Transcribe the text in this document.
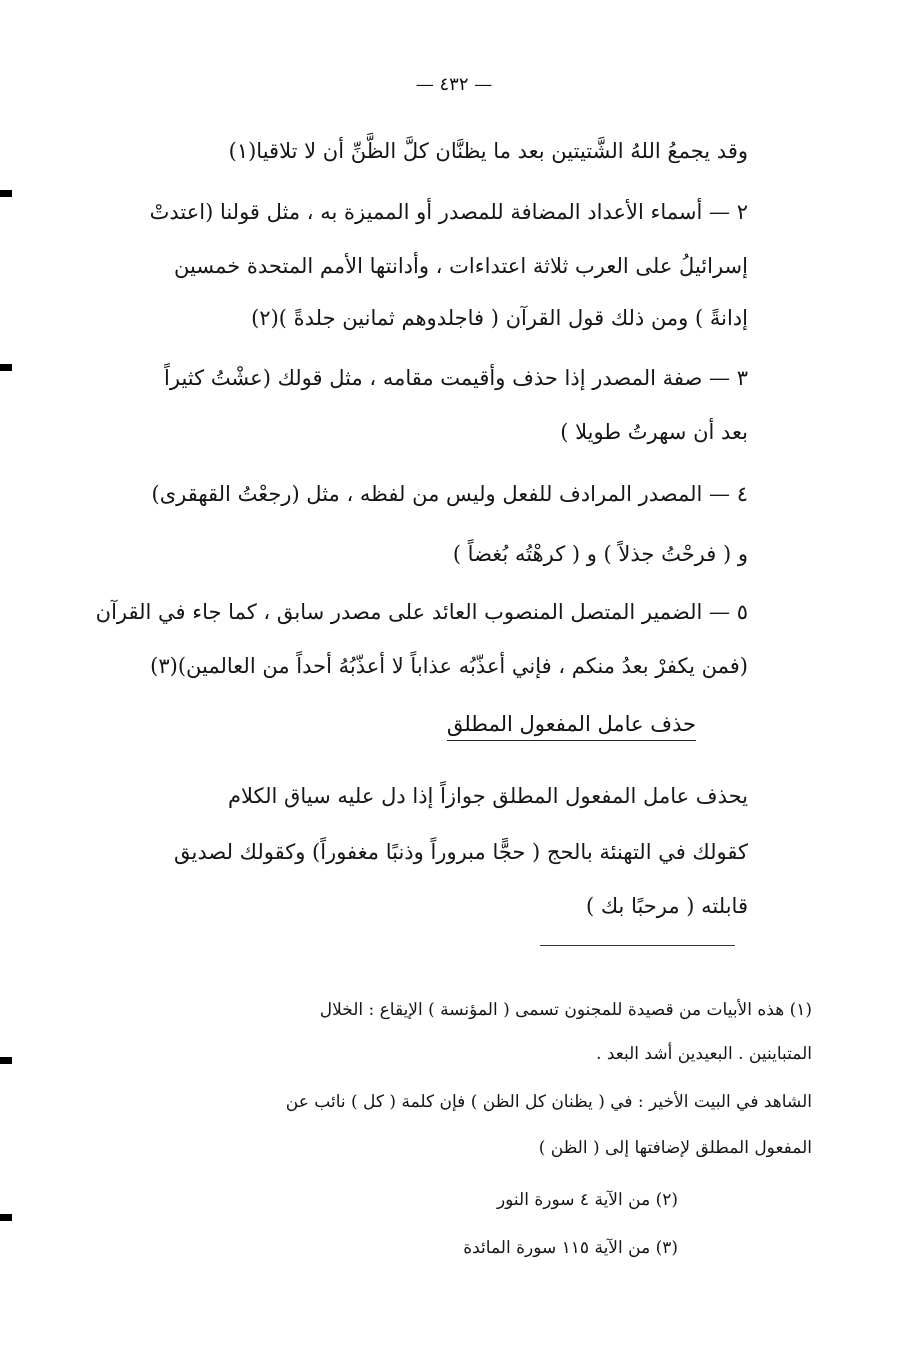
— ٤٣٢ —
وقد يجمعُ اللهُ الشَّتيتين بعد ما يظنَّان كلَّ الظَّنِّ أن لا تلاقيا(١)
٢ — أسماء الأعداد المضافة للمصدر أو المميزة به ، مثل قولنا (اعتدتْ
إسرائيلُ على العرب ثلاثة اعتداءات ، وأدانتها الأمم المتحدة خمسين
إدانةً ) ومن ذلك قول القرآن ( فاجلدوهم ثمانين جلدةً )(٢)
٣ — صفة المصدر إذا حذف وأقيمت مقامه ، مثل قولك (عشْتُ كثيراً
بعد أن سهرتُ طويلا )
٤ — المصدر المرادف للفعل وليس من لفظه ، مثل (رجعْتُ القهقرى)
و ( فرحْتُ جذلاً ) و ( كرهْتُه بُغضاً )
٥ — الضمير المتصل المنصوب العائد على مصدر سابق ، كما جاء في القرآن
(فمن يكفرْ بعدُ منكم ، فإني أعذّبُه عذاباً لا أعذّبُهُ أحداً من العالمين)(٣)
حذف عامل المفعول المطلق
يحذف عامل المفعول المطلق جوازاً إذا دل عليه سياق الكلام
كقولك في التهنئة بالحج ( حجًّا مبروراً وذنبًا مغفوراً) وكقولك لصديق
قابلته ( مرحبًا بك )
(١) هذه الأبيات من قصيدة للمجنون تسمى ( المؤنسة ) الإيقاع : الخلال
المتباينين . البعيدين أشد البعد .
الشاهد في البيت الأخير : في ( يظنان كل الظن ) فإن كلمة ( كل ) نائب عن
المفعول المطلق لإضافتها إلى ( الظن )
(٢) من الآية ٤ سورة النور
(٣) من الآية ١١٥ سورة المائدة
